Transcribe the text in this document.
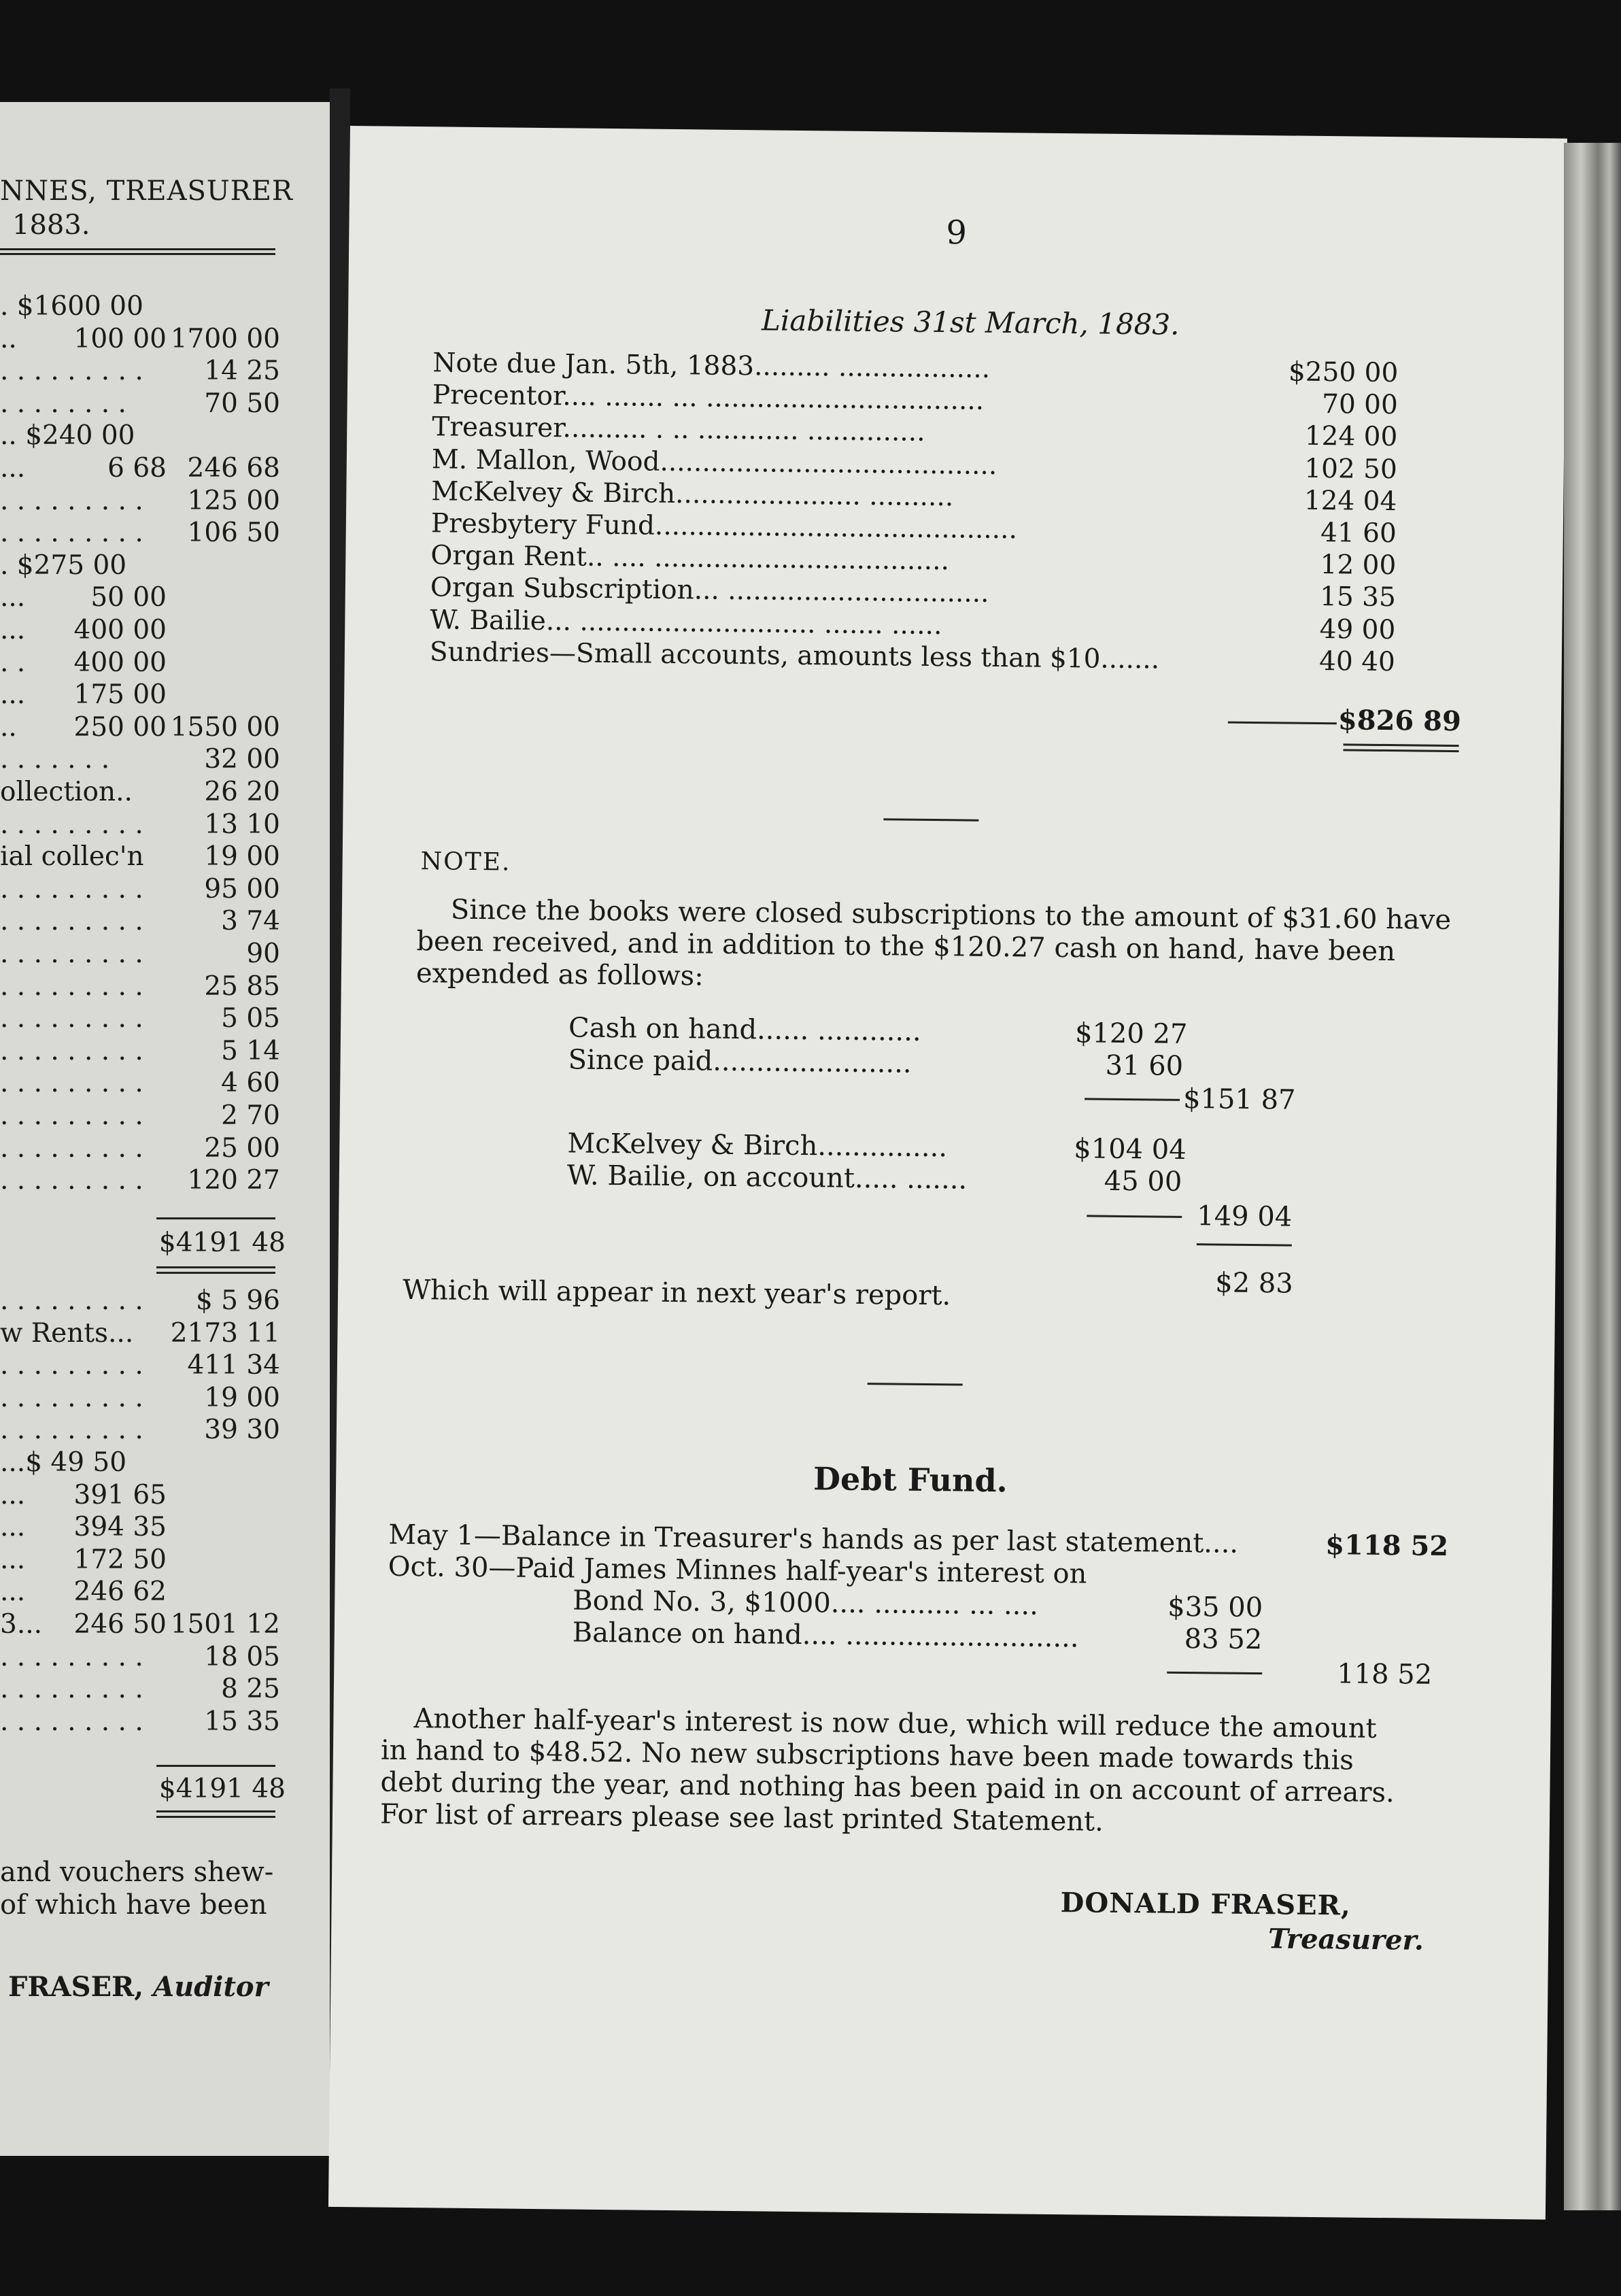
NNES, TREASURER
1883.
. $1600 00
.. 100 00 1700 00
. . . . . . . . . 14 25
. . . . . . . .	70 50
.. $240 00
...	6 68 246 68
. . . . . . . . . 125 00
. . . . . . . . . 106 50
. $275 00
... 50 00
... 400 00
. . 400 00
... 175 00
.. 250 00 1550 00
. . . . . . .	32 00
ollection..	26 20
. . . . . . . . . 13 10
ial collec'n 19 00
. . . . . . . . . 95 00
. . . . . . . . .	3 74
. . . . . . . . .	90
. . . . . . . . . 25 85
. . . . . . . . .	5 05
. . . . . . . . .	5 14
. . . . . . . . .	4 60
. . . . . . . . .	2 70
. . . . . . . . . 25 00
. . . . . . . . . 120 27
$4191 48
. . . . . . . . . $ 5 96
w Rents... 2173 11
. . . . . . . . . 411 34
. . . . . . . . . 19 00
. . . . . . . . . 39 30
...$ 49 50
... 391 65
... 394 35
... 172 50
... 246 62
3... 246 50 1501 12
. . . . . . . . . 18 05
. . . . . . . . .	8 25
. . . . . . . . . 15 35
$4191 48
and vouchers shew-
of which have been
FRASER, Auditor
9
Liabilities 31st March, 1883.
Note due Jan. 5th, 1883......... ..................	$250 00
Precentor.... ....... ... .................................	70 00
Treasurer.......... . .. ............ ..............	124 00
M. Mallon, Wood........................................	102 50
McKelvey & Birch...................... ..........	124 04
Presbytery Fund...........................................	41 60
Organ Rent.. .... ...................................	12 00
Organ Subscription... ...............................	15 35
W. Bailie... ............................ ....... ......	49 00
Sundries—Small accounts, amounts less than $10.......	40 40
$826 89
NOTE.
Since the books were closed subscriptions to the amount of $31.60 have
been received, and in addition to the $120.27 cash on hand, have been
expended as follows:
Cash on hand...... ............	$120 27
Since paid.......................	31 60
$151 87
McKelvey & Birch...............	$104 04
W. Bailie, on account..... .......	45 00
149 04
$2 83
Which will appear in next year's report.
Debt Fund.
May 1—Balance in Treasurer's hands as per last statement....	$118 52
Oct. 30—Paid James Minnes half-year's interest on
Bond No. 3, $1000.... .......... ... ....	$35 00
Balance on hand.... ...........................	83 52
118 52
Another half-year's interest is now due, which will reduce the amount
in hand to $48.52. No new subscriptions have been made towards this
debt during the year, and nothing has been paid in on account of arrears.
For list of arrears please see last printed Statement.
DONALD FRASER,
Treasurer.
